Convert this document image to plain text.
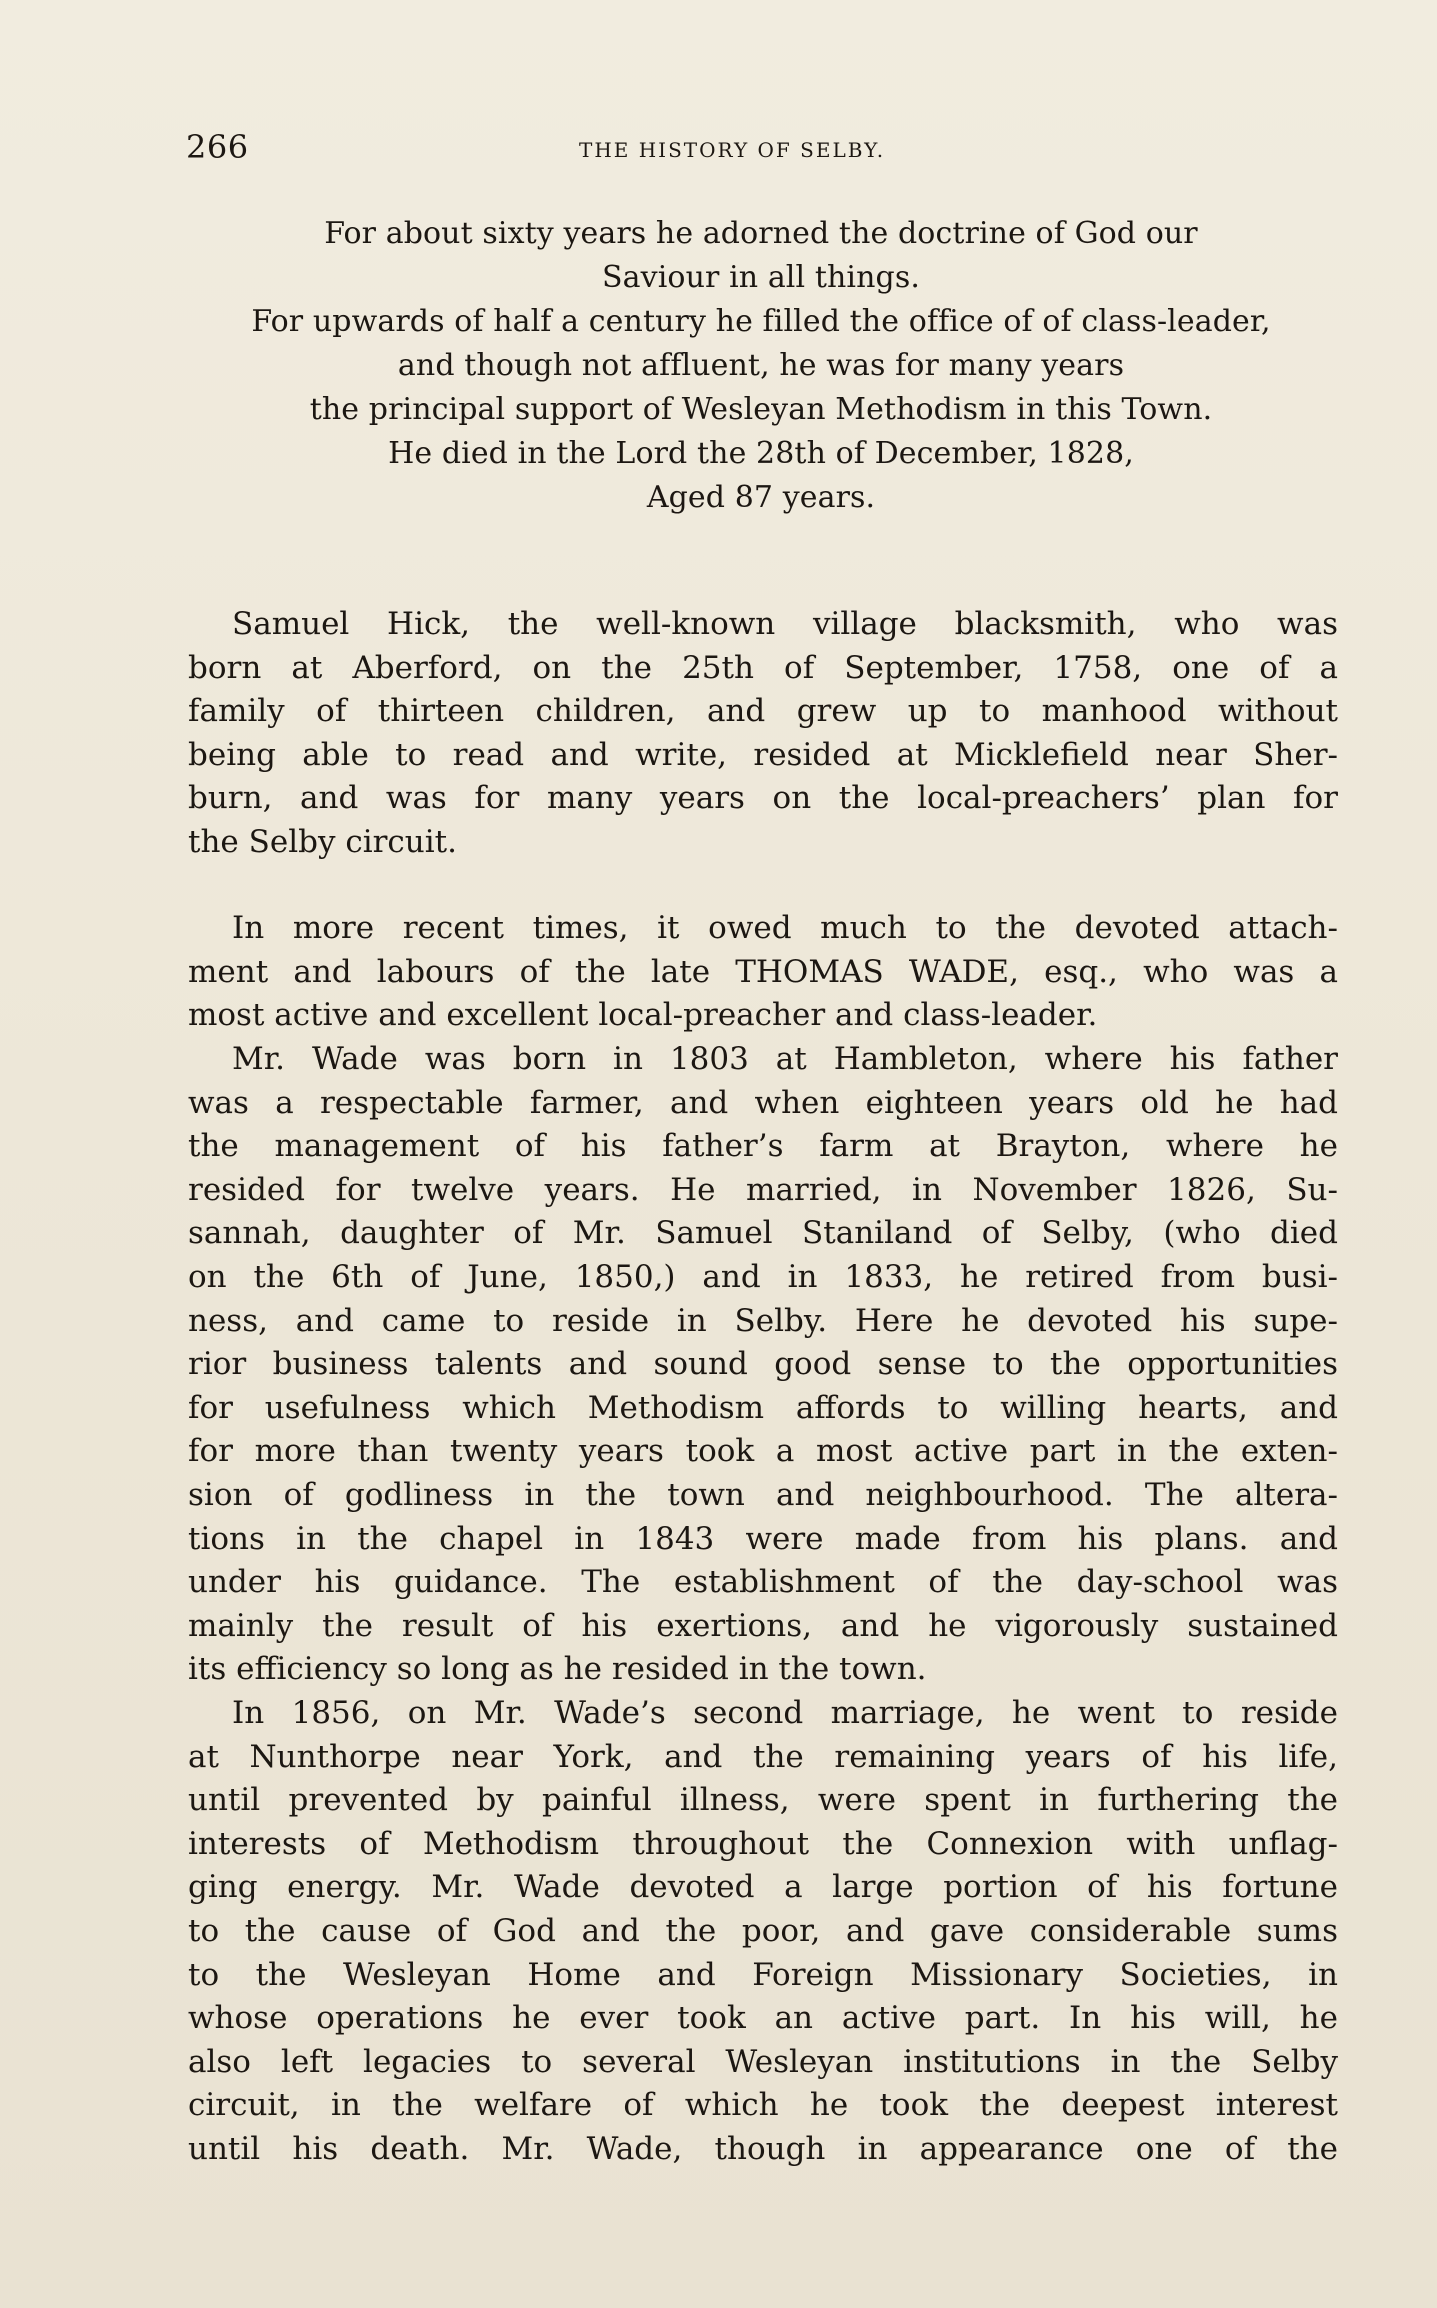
266	THE HISTORY OF SELBY.
For about sixty years he adorned the doctrine of God our
Saviour in all things.
For upwards of half a century he filled the office of of class-leader,
and though not affluent, he was for many years
the principal support of Wesleyan Methodism in this Town.
He died in the Lord the 28th of December, 1828,
Aged 87 years.
Samuel Hick, the well-known village blacksmith, who was
born at Aberford, on the 25th of September, 1758, one of a
family of thirteen children, and grew up to manhood without
being able to read and write, resided at Micklefield near Sher-
burn, and was for many years on the local-preachers’ plan for
the Selby circuit.
In more recent times, it owed much to the devoted attach-
ment and labours of the late THOMAS WADE, esq., who was a
most active and excellent local-preacher and class-leader.
Mr. Wade was born in 1803 at Hambleton, where his father
was a respectable farmer, and when eighteen years old he had
the management of his father’s farm at Brayton, where he
resided for twelve years. He married, in November 1826, Su-
sannah, daughter of Mr. Samuel Staniland of Selby, (who died
on the 6th of June, 1850,) and in 1833, he retired from busi-
ness, and came to reside in Selby. Here he devoted his supe-
rior business talents and sound good sense to the opportunities
for usefulness which Methodism affords to willing hearts, and
for more than twenty years took a most active part in the exten-
sion of godliness in the town and neighbourhood. The altera-
tions in the chapel in 1843 were made from his plans. and
under his guidance. The establishment of the day-school was
mainly the result of his exertions, and he vigorously sustained
its efficiency so long as he resided in the town.
In 1856, on Mr. Wade’s second marriage, he went to reside
at Nunthorpe near York, and the remaining years of his life,
until prevented by painful illness, were spent in furthering the
interests of Methodism throughout the Connexion with unflag-
ging energy. Mr. Wade devoted a large portion of his fortune
to the cause of God and the poor, and gave considerable sums
to the Wesleyan Home and Foreign Missionary Societies, in
whose operations he ever took an active part. In his will, he
also left legacies to several Wesleyan institutions in the Selby
circuit, in the welfare of which he took the deepest interest
until his death. Mr. Wade, though in appearance one of the
